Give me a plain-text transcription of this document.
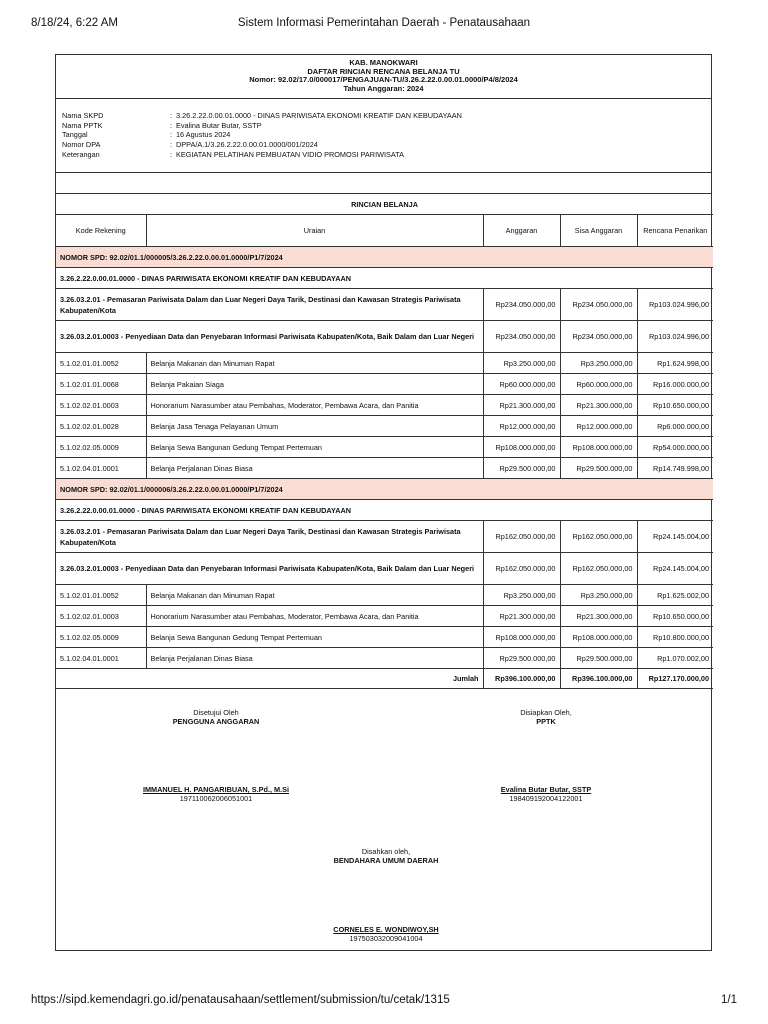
8/18/24, 6:22 AM	Sistem Informasi Pemerintahan Daerah - Penatausahaan
KAB. MANOKWARI
DAFTAR RINCIAN RENCANA BELANJA TU
Nomor: 92.02/17.0/000017/PENGAJUAN-TU/3.26.2.22.0.00.01.0000/P4/8/2024
Tahun Anggaran: 2024
Nama SKPD	: 3.26.2.22.0.00.01.0000 - DINAS PARIWISATA EKONOMI KREATIF DAN KEBUDAYAAN
Nama PPTK	: Evalina Butar Butar, SSTP
Tanggal	: 16 Agustus 2024
Nomor DPA	: DPPA/A.1/3.26.2.22.0.00.01.0000/001/2024
Keterangan	: KEGIATAN PELATIHAN PEMBUATAN VIDIO PROMOSI PARIWISATA
RINCIAN BELANJA				
Kode Rekening	Uraian	Anggaran	Sisa Anggaran	Rencana Penarikan
NOMOR SPD: 92.02/01.1/000005/3.26.2.22.0.00.01.0000/P1/7/2024				
3.26.2.22.0.00.01.0000 - DINAS PARIWISATA EKONOMI KREATIF DAN KEBUDAYAAN				
3.26.03.2.01 - Pemasaran Pariwisata Dalam dan Luar Negeri Daya Tarik, Destinasi dan Kawasan Strategis Pariwisata Kabupaten/Kota		Rp234.050.000,00	Rp234.050.000,00	Rp103.024.996,00
3.26.03.2.01.0003 - Penyediaan Data dan Penyebaran Informasi Pariwisata Kabupaten/Kota, Baik Dalam dan Luar Negeri		Rp234.050.000,00	Rp234.050.000,00	Rp103.024.996,00
5.1.02.01.01.0052	Belanja Makanan dan Minuman Rapat	Rp3.250.000,00	Rp3.250.000,00	Rp1.624.998,00
5.1.02.01.01.0068	Belanja Pakaian Siaga	Rp60.000.000,00	Rp60.000.000,00	Rp16.000.000,00
5.1.02.02.01.0003	Honorarium Narasumber atau Pembahas, Moderator, Pembawa Acara, dan Panitia	Rp21.300.000,00	Rp21.300.000,00	Rp10.650.000,00
5.1.02.02.01.0028	Belanja Jasa Tenaga Pelayanan Umum	Rp12.000.000,00	Rp12.000.000,00	Rp6.000.000,00
5.1.02.02.05.0009	Belanja Sewa Bangunan Gedung Tempat Pertemuan	Rp108.000.000,00	Rp108.000.000,00	Rp54.000.000,00
5.1.02.04.01.0001	Belanja Perjalanan Dinas Biasa	Rp29.500.000,00	Rp29.500.000,00	Rp14.749.998,00
NOMOR SPD: 92.02/01.1/000006/3.26.2.22.0.00.01.0000/P1/7/2024				
3.26.2.22.0.00.01.0000 - DINAS PARIWISATA EKONOMI KREATIF DAN KEBUDAYAAN				
3.26.03.2.01 - Pemasaran Pariwisata Dalam dan Luar Negeri Daya Tarik, Destinasi dan Kawasan Strategis Pariwisata Kabupaten/Kota		Rp162.050.000,00	Rp162.050.000,00	Rp24.145.004,00
3.26.03.2.01.0003 - Penyediaan Data dan Penyebaran Informasi Pariwisata Kabupaten/Kota, Baik Dalam dan Luar Negeri		Rp162.050.000,00	Rp162.050.000,00	Rp24.145.004,00
5.1.02.01.01.0052	Belanja Makanan dan Minuman Rapat	Rp3.250.000,00	Rp3.250.000,00	Rp1.625.002,00
5.1.02.02.01.0003	Honorarium Narasumber atau Pembahas, Moderator, Pembawa Acara, dan Panitia	Rp21.300.000,00	Rp21.300.000,00	Rp10.650.000,00
5.1.02.02.05.0009	Belanja Sewa Bangunan Gedung Tempat Pertemuan	Rp108.000.000,00	Rp108.000.000,00	Rp10.800.000,00
5.1.02.04.01.0001	Belanja Perjalanan Dinas Biasa	Rp29.500.000,00	Rp29.500.000,00	Rp1.070.002,00
Jumlah		Rp396.100.000,00	Rp396.100.000,00	Rp127.170.000,00
Disetujui Oleh
PENGGUNA ANGGARAN
Disiapkan Oleh,
PPTK
IMMANUEL H. PANGARIBUAN, S.Pd., M.Si
197110062006051001
Evalina Butar Butar, SSTP
198409192004122001
Disahkan oleh,
BENDAHARA UMUM DAERAH
CORNELES E. WONDIWOY,SH
197503032009041004
https://sipd.kemendagri.go.id/penatausahaan/settlement/submission/tu/cetak/1315	1/1
